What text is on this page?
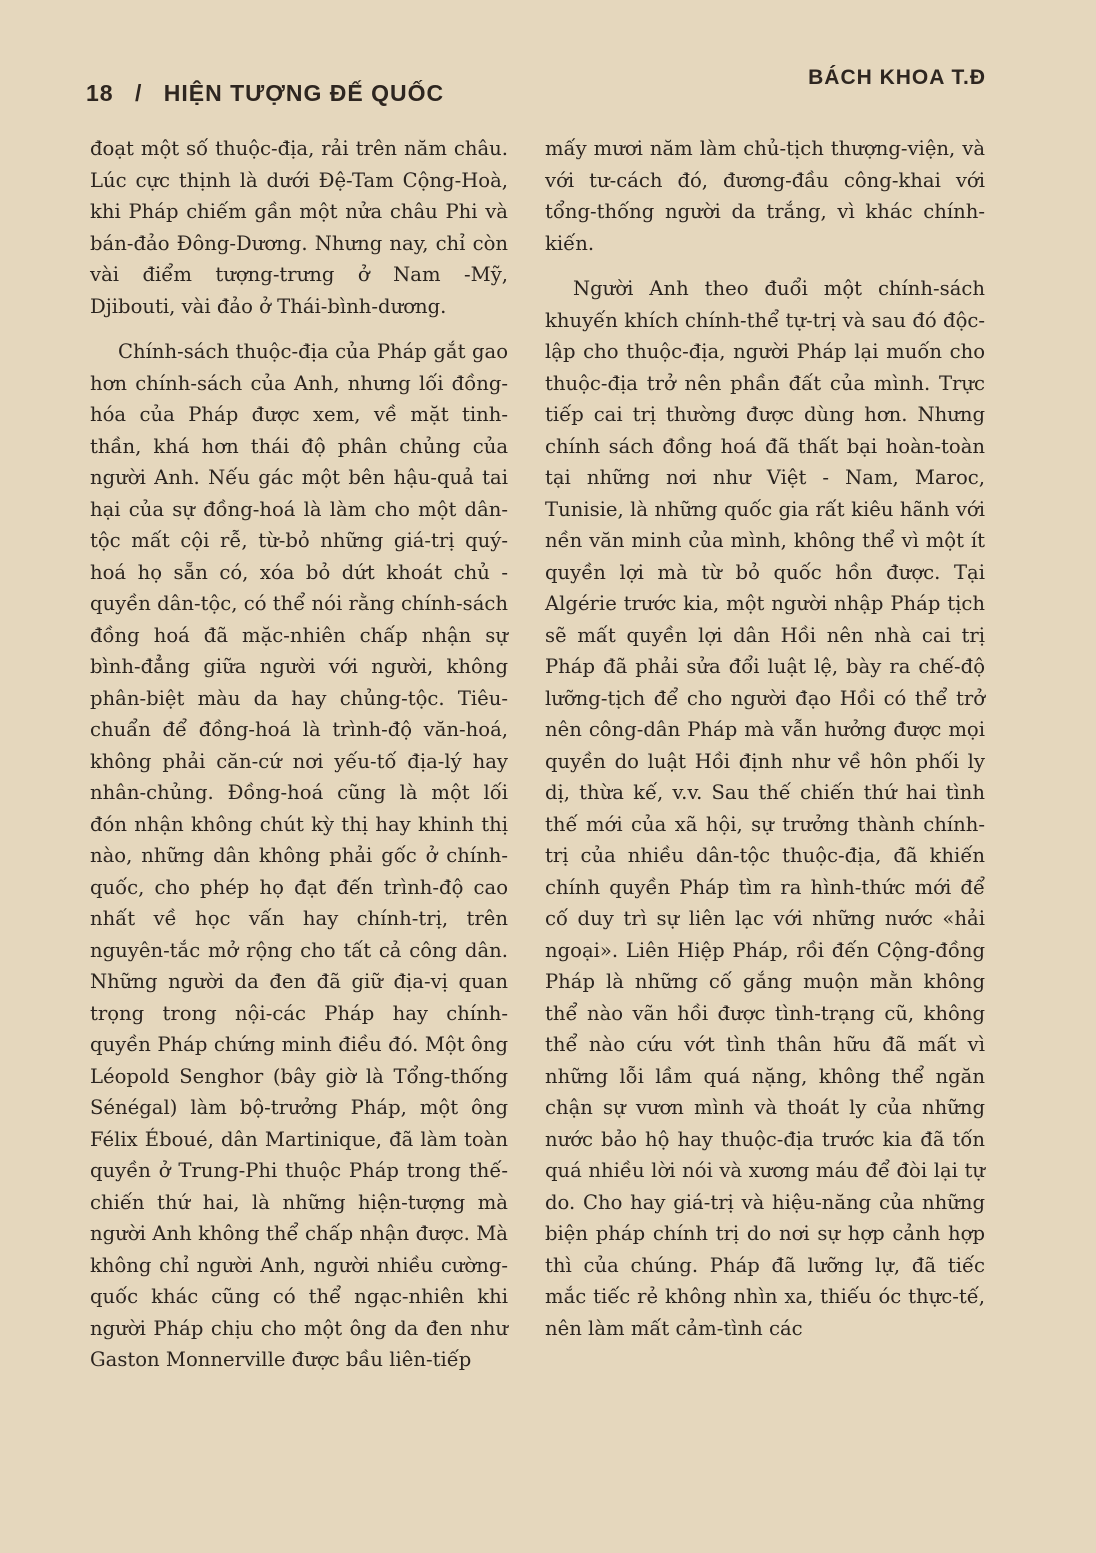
18 / HIỆN TƯỢNG ĐẾ QUỐC
BÁCH KHOA T.Đ

đoạt một số thuộc-địa, rải trên năm châu. Lúc cực thịnh là dưới Đệ-Tam Cộng-Hoà, khi Pháp chiếm gần một nửa châu Phi và bán-đảo Đông-Dương. Nhưng nay, chỉ còn vài điểm tượng-trưng ở Nam -Mỹ, Djibouti, vài đảo ở Thái-bình-dương.

Chính-sách thuộc-địa của Pháp gắt gao hơn chính-sách của Anh, nhưng lối đồng-hóa của Pháp được xem, về mặt tinh-thần, khá hơn thái độ phân chủng của người Anh. Nếu gác một bên hậu-quả tai hại của sự đồng-hoá là làm cho một dân-tộc mất cội rễ, từ-bỏ những giá-trị quý-hoá họ sẵn có, xóa bỏ dứt khoát chủ - quyền dân-tộc, có thể nói rằng chính-sách đồng hoá đã mặc-nhiên chấp nhận sự bình-đẳng giữa người với người, không phân-biệt màu da hay chủng-tộc. Tiêu-chuẩn để đồng-hoá là trình-độ văn-hoá, không phải căn-cứ nơi yếu-tố địa-lý hay nhân-chủng. Đồng-hoá cũng là một lối đón nhận không chút kỳ thị hay khinh thị nào, những dân không phải gốc ở chính-quốc, cho phép họ đạt đến trình-độ cao nhất về học vấn hay chính-trị, trên nguyên-tắc mở rộng cho tất cả công dân. Những người da đen đã giữ địa-vị quan trọng trong nội-các Pháp hay chính-quyền Pháp chứng minh điều đó. Một ông Léopold Senghor (bây giờ là Tổng-thống Sénégal) làm bộ-trưởng Pháp, một ông Félix Éboué, dân Martinique, đã làm toàn quyền ở Trung-Phi thuộc Pháp trong thế-chiến thứ hai, là những hiện-tượng mà người Anh không thể chấp nhận được. Mà không chỉ người Anh, người nhiều cường-quốc khác cũng có thể ngạc-nhiên khi người Pháp chịu cho một ông da đen như Gaston Monnerville được bầu liên-tiếp

mấy mươi năm làm chủ-tịch thượng-viện, và với tư-cách đó, đương-đầu công-khai với tổng-thống người da trắng, vì khác chính-kiến.

Người Anh theo đuổi một chính-sách khuyến khích chính-thể tự-trị và sau đó độc-lập cho thuộc-địa, người Pháp lại muốn cho thuộc-địa trở nên phần đất của mình. Trực tiếp cai trị thường được dùng hơn. Nhưng chính sách đồng hoá đã thất bại hoàn-toàn tại những nơi như Việt - Nam, Maroc, Tunisie, là những quốc gia rất kiêu hãnh với nền văn minh của mình, không thể vì một ít quyền lợi mà từ bỏ quốc hồn được. Tại Algérie trước kia, một người nhập Pháp tịch sẽ mất quyền lợi dân Hồi nên nhà cai trị Pháp đã phải sửa đổi luật lệ, bày ra chế-độ lưỡng-tịch để cho người đạo Hồi có thể trở nên công-dân Pháp mà vẫn hưởng được mọi quyền do luật Hồi định như về hôn phối ly dị, thừa kế, v.v. Sau thế chiến thứ hai tình thế mới của xã hội, sự trưởng thành chính-trị của nhiều dân-tộc thuộc-địa, đã khiến chính quyền Pháp tìm ra hình-thức mới để cố duy trì sự liên lạc với những nước «hải ngoại». Liên Hiệp Pháp, rồi đến Cộng-đồng Pháp là những cố gắng muộn mằn không thể nào vãn hồi được tình-trạng cũ, không thể nào cứu vớt tình thân hữu đã mất vì những lỗi lầm quá nặng, không thể ngăn chận sự vươn mình và thoát ly của những nước bảo hộ hay thuộc-địa trước kia đã tốn quá nhiều lời nói và xương máu để đòi lại tự do. Cho hay giá-trị và hiệu-năng của những biện pháp chính trị do nơi sự hợp cảnh hợp thì của chúng. Pháp đã lưỡng lự, đã tiếc mắc tiếc rẻ không nhìn xa, thiếu óc thực-tế, nên làm mất cảm-tình các
